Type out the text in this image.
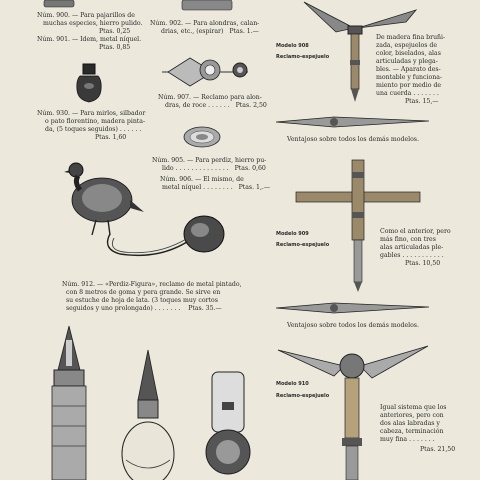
Núm. 900. — Para pajarillos de
muchas especies, hierro pulido.
Ptas. 0,25
Núm. 901. — Idem, metal níquel.
Ptas. 0,85
Núm. 930. — Para mirlos, silbador
o pato florentino, madera pinta-
da, (5 toques seguidos) . . . . . .
Ptas. 1,60
Núm. 912. — «Perdiz-Figura», reclamo de metal pintado,
con 8 metros de goma y pera grande. Se sirve en
su estuche de hoja de lata. (3 toques muy cortos
seguidos y uno prolongado) . . . . . . .    Ptas. 35.—
Núm. 902. — Para alondras, calan-
drias, etc., (espirar)   Ptas. 1.—
Núm. 907. — Reclamo para alon-
dras, de roce . . . . . .   Ptas. 2,50
Núm. 905. — Para perdiz, hierro pu-
lido . . . . . . . . . . . . . .   Ptas. 0,60
Núm. 906. — El mismo, de
metal níquel . . . . . . . .   Ptas. 1,.—
Modelo 908
Reclamo-espejuelo
De madera fina bruñi-
zada, espejuelos de
color, biselados, alas
articuladas y plega-
bles. — Aparato des-
montable y funciona-
miento por medio de
una cuerda . . . . . . .
Ptas. 15,—
Ventajoso sobre todos los demás modelos.
Modelo 909
Reclamo-espejuelo
Como el anterior, pero
más fino, con tres
alas articuladas ple-
gables . . . . . . . . . . .
Ptas. 10,50
Ventajoso sobre todos los demás modelos.
Modelo 910
Reclamo-espejuelo
Igual sistema que los
anteriores, pero con
dos alas labradas y
cabeza, terminación
muy fina . . . . . . .
Ptas. 21,50
